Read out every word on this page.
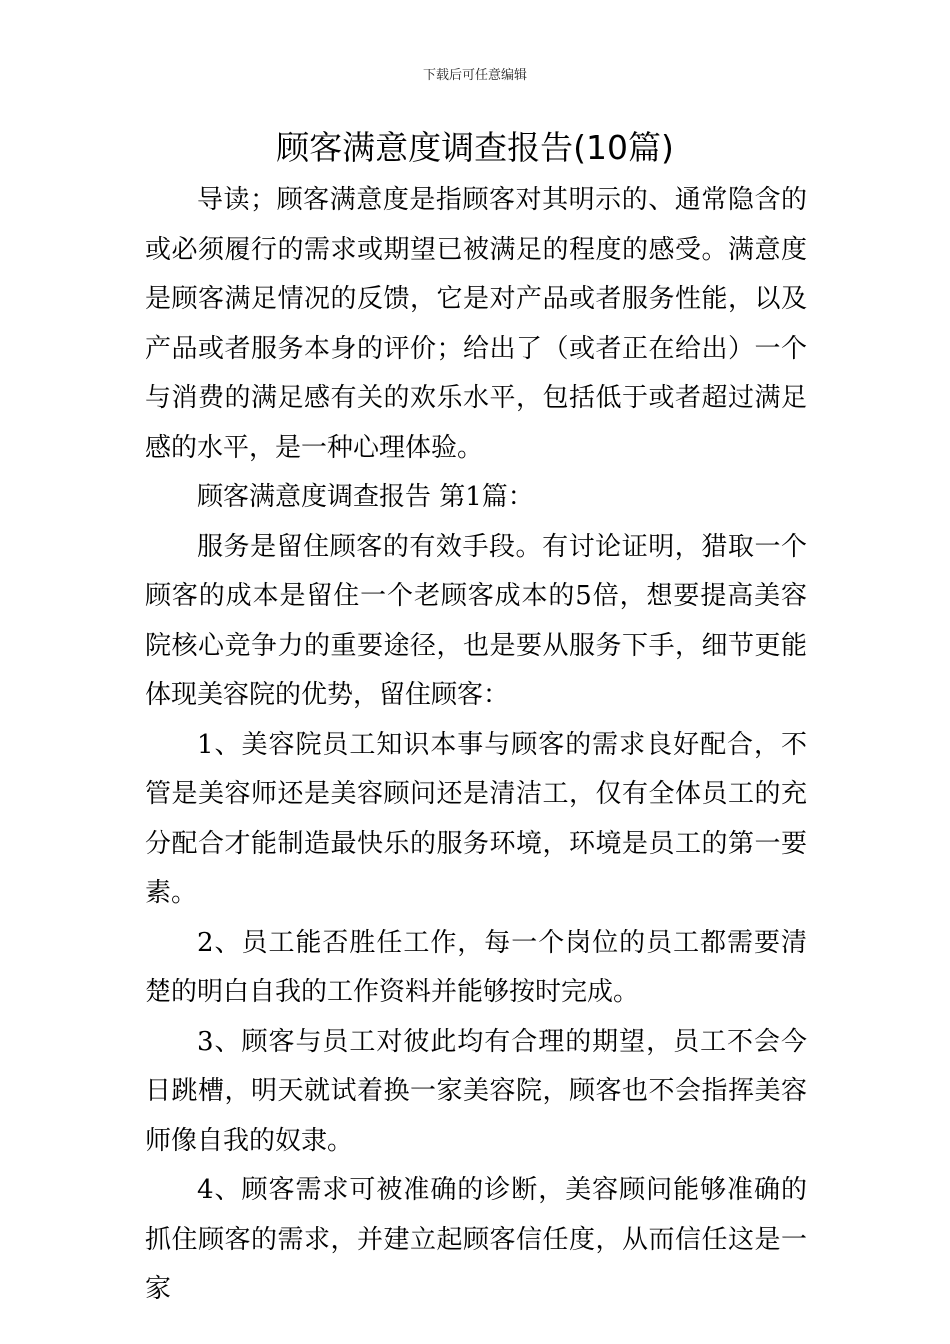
下载后可任意编辑
顾客满意度调查报告(10篇)

导读；顾客满意度是指顾客对其明示的、通常隐含的或必须履行的需求或期望已被满足的程度的感受。满意度是顾客满足情况的反馈，它是对产品或者服务性能，以及产品或者服务本身的评价；给出了（或者正在给出）一个与消费的满足感有关的欢乐水平，包括低于或者超过满足感的水平，是一种心理体验。

顾客满意度调查报告 第1篇：

服务是留住顾客的有效手段。有讨论证明，猎取一个顾客的成本是留住一个老顾客成本的5倍，想要提高美容院核心竞争力的重要途径，也是要从服务下手，细节更能体现美容院的优势，留住顾客：

1、美容院员工知识本事与顾客的需求良好配合，不管是美容师还是美容顾问还是清洁工，仅有全体员工的充分配合才能制造最快乐的服务环境，环境是员工的第一要素。

2、员工能否胜任工作，每一个岗位的员工都需要清楚的明白自我的工作资料并能够按时完成。

3、顾客与员工对彼此均有合理的期望，员工不会今日跳槽，明天就试着换一家美容院，顾客也不会指挥美容师像自我的奴隶。

4、顾客需求可被准确的诊断，美容顾问能够准确的抓住顾客的需求，并建立起顾客信任度，从而信任这是一家
